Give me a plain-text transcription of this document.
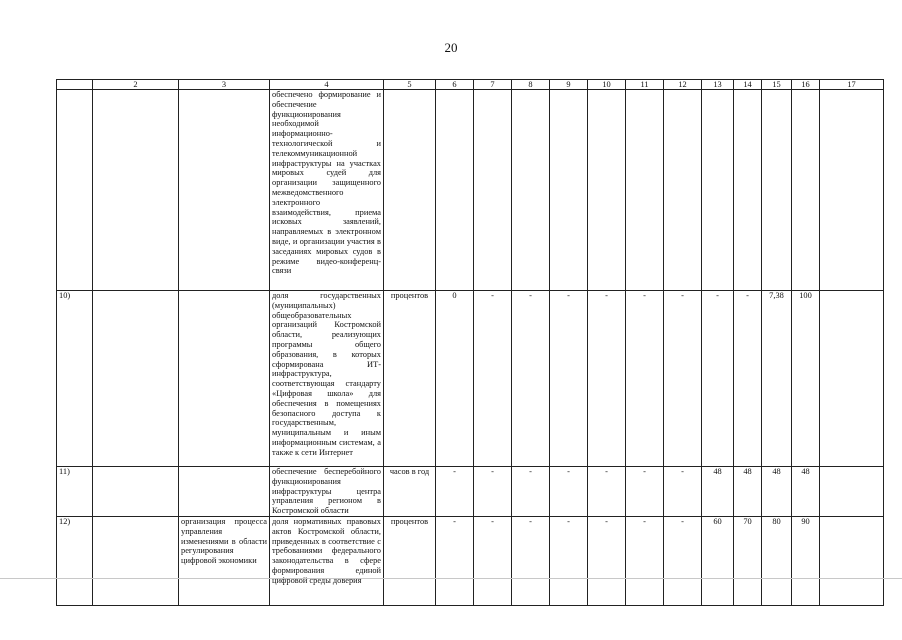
20
	2	3	4	5	6	7	8	9	10	11	12	13	14	15	16	17
			обеспечено формирование и обеспечение функционирования необходимой информационно-технологической и телекоммуникационной инфраструктуры на участках мировых судей для организации защищенного межведомственного электронного взаимодействия, приема исковых заявлений, направляемых в электронном виде, и организации участия в заседаниях мировых судов в режиме видео-конференц-связи													
10)			доля государственных (муниципальных) общеобразовательных организаций Костромской области, реализующих программы общего образования, в которых сформирована ИТ-инфраструктура, соответствующая стандарту «Цифровая школа» для обеспечения в помещениях безопасного доступа к государственным, муниципальным и иным информационным системам, а также к сети Интернет	процентов	0	-	-	-	-	-	-	-	-	7,38	100	
11)			обеспечение бесперебойного функционирования инфраструктуры центра управления регионом в Костромской области	часов в год	-	-	-	-	-	-	-	48	48	48	48	
12)		организация процесса управления изменениями в области регулирования цифровой экономики	доля нормативных правовых актов Костромской области, приведенных в соответствие с требованиями федерального законодательства в сфере формирования единой цифровой среды доверия	процентов	-	-	-	-	-	-	-	60	70	80	90	
